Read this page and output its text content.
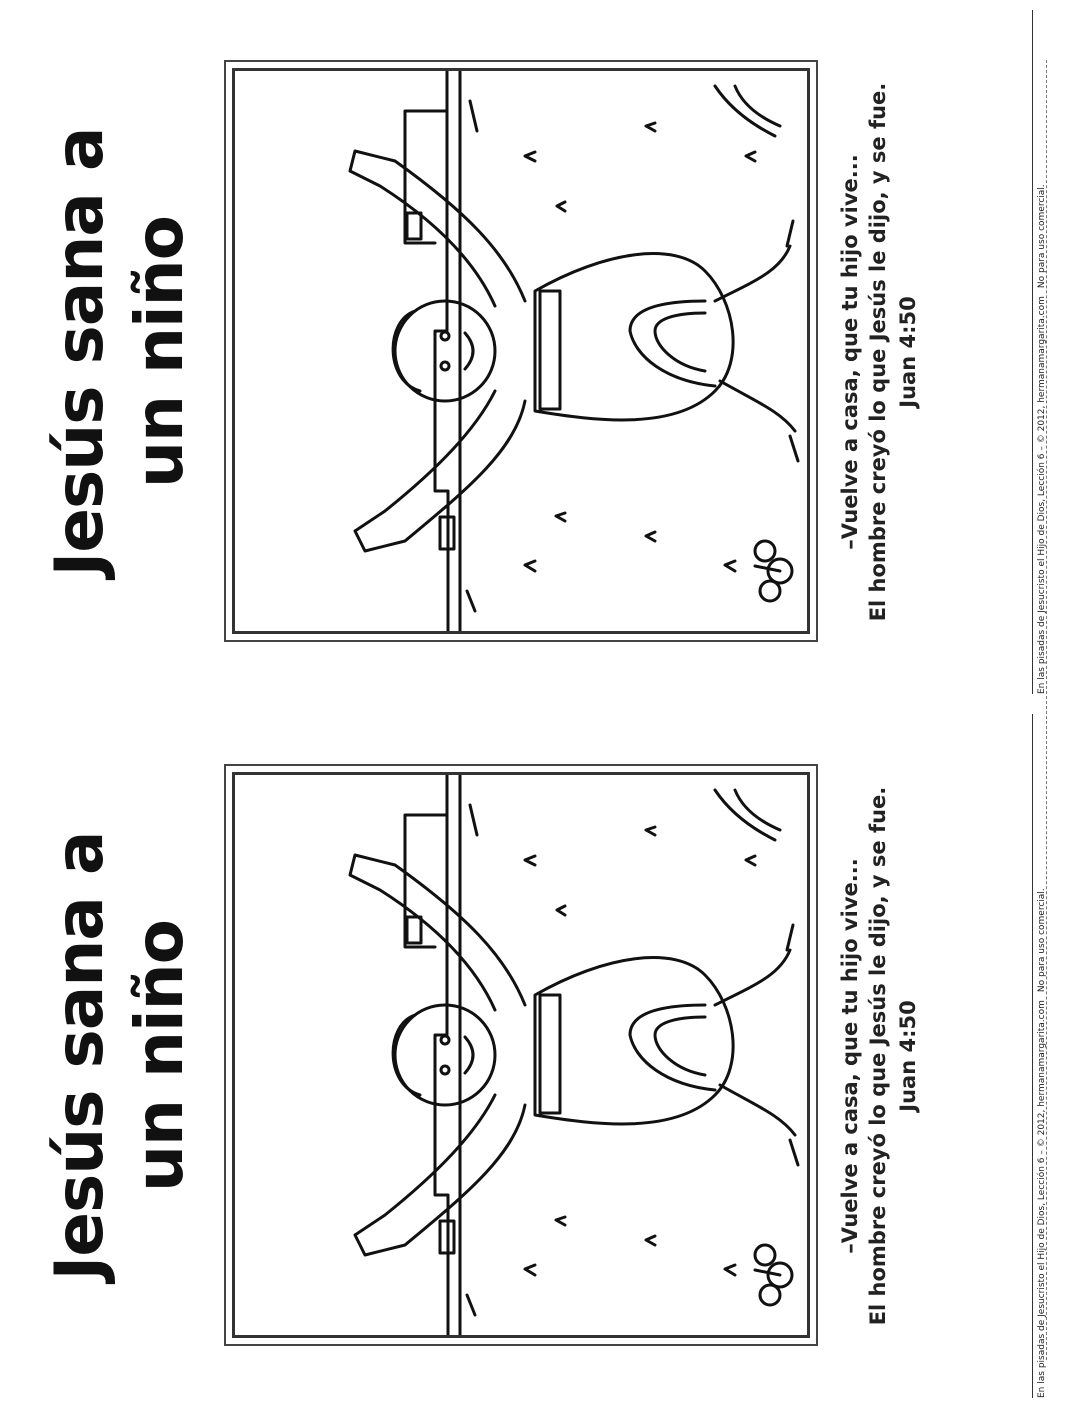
Jesús sana a un niño	–Vuelve a casa, que tu hijo vive... El hombre creyó lo que Jesús le dijo, y se fue. Juan 4:50	En las pisadas de Jesucristo el Hijo de Dios, Lección 6 – © 2012, hermanamargarita.comNo para uso comercial.
Jesús sana a un niño	–Vuelve a casa, que tu hijo vive... El hombre creyó lo que Jesús le dijo, y se fue. Juan 4:50	En las pisadas de Jesucristo el Hijo de Dios, Lección 6 – © 2012, hermanamargarita.comNo para uso comercial.
